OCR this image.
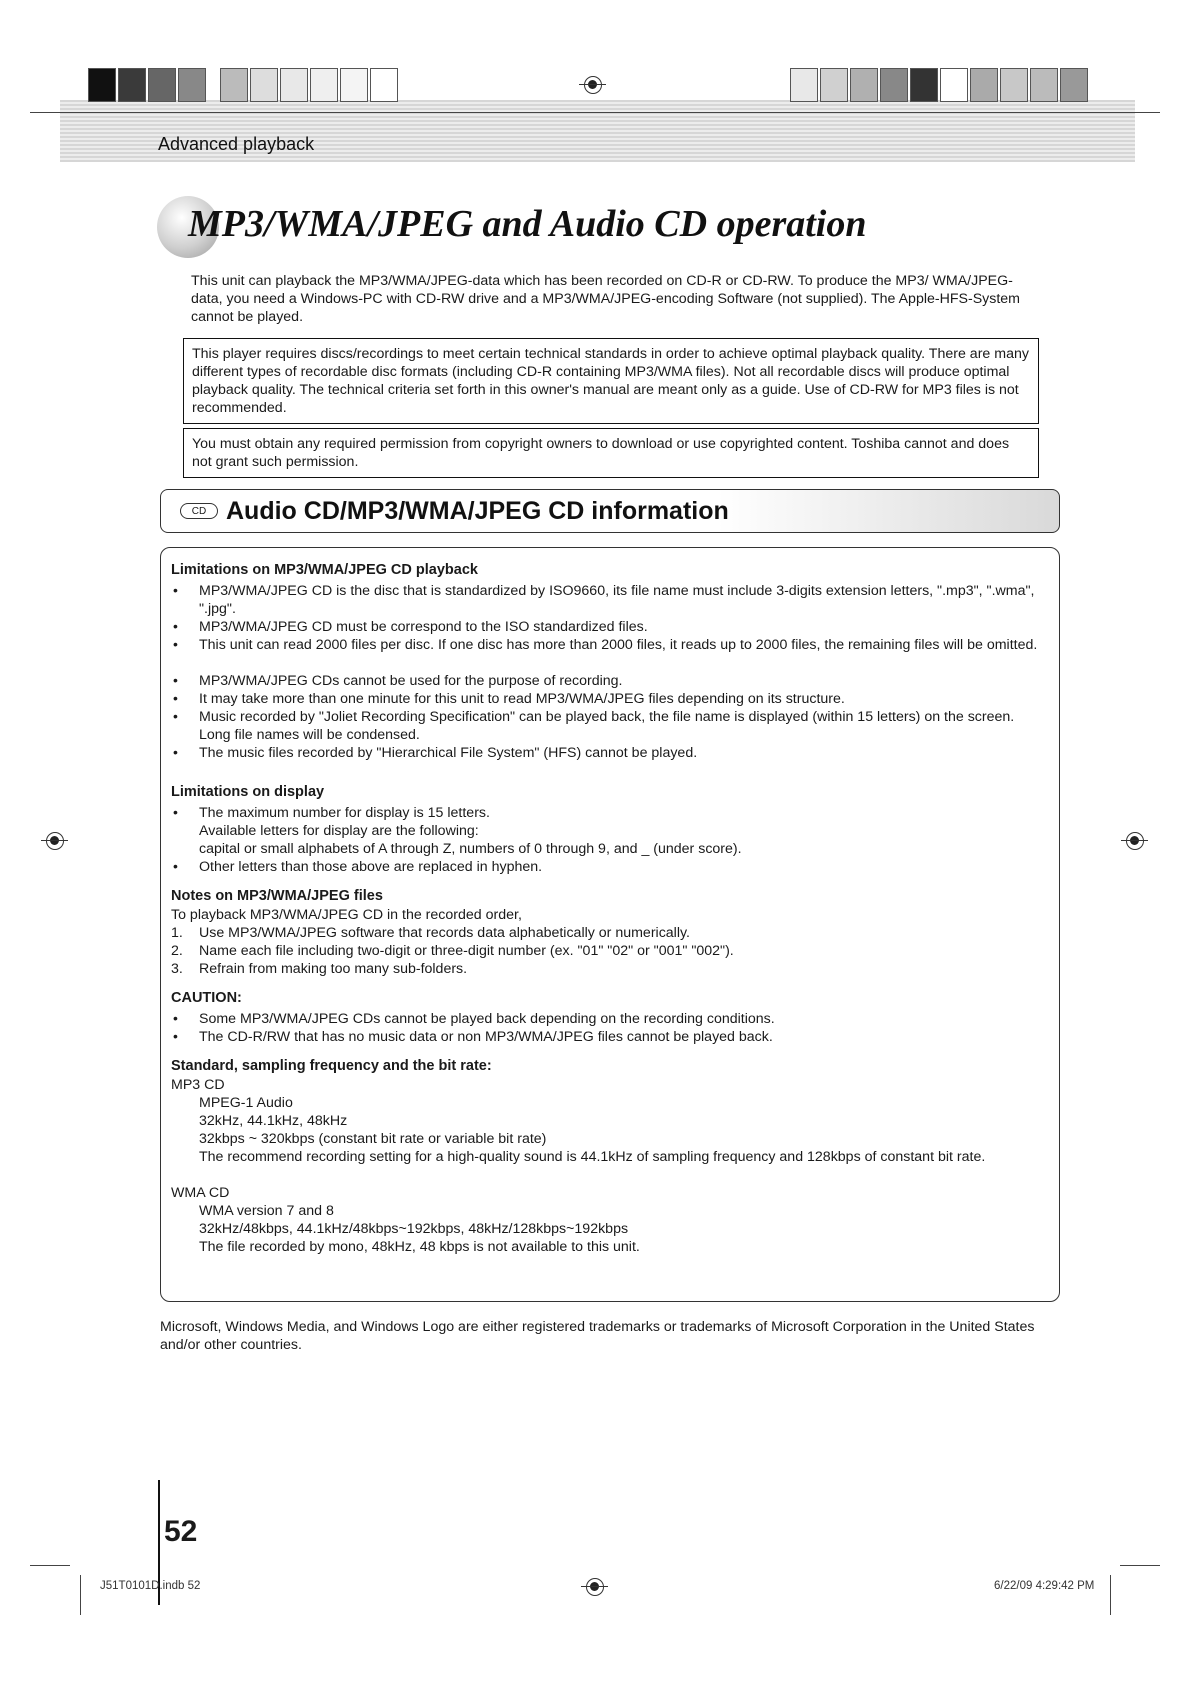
Advanced playback
MP3/WMA/JPEG and Audio CD operation
This unit can playback the MP3/WMA/JPEG-data which has been recorded on CD-R or CD-RW. To produce the MP3/ WMA/JPEG-data, you need a Windows-PC with CD-RW drive and a MP3/WMA/JPEG-encoding Software (not supplied). The Apple-HFS-System cannot be played.
This player requires discs/recordings to meet certain technical standards in order to achieve optimal playback quality. There are many different types of recordable disc formats (including CD-R containing MP3/WMA files). Not all recordable discs will produce optimal playback quality. The technical criteria set forth in this owner's manual are meant only as a guide. Use of CD-RW for MP3 files is not recommended.
You must obtain any required permission from copyright owners to download or use copyrighted content. Toshiba cannot and does not grant such permission.
CD Audio CD/MP3/WMA/JPEG CD information
Limitations on MP3/WMA/JPEG CD playback
• MP3/WMA/JPEG CD is the disc that is standardized by ISO9660, its file name must include 3-digits extension letters, ".mp3", ".wma", ".jpg".
• MP3/WMA/JPEG CD must be correspond to the ISO standardized files.
• This unit can read 2000 files per disc. If one disc has more than 2000 files, it reads up to 2000 files, the remaining files will be omitted.
• MP3/WMA/JPEG CDs cannot be used for the purpose of recording.
• It may take more than one minute for this unit to read MP3/WMA/JPEG files depending on its structure.
• Music recorded by "Joliet Recording Specification" can be played back, the file name is displayed (within 15 letters) on the screen. Long file names will be condensed.
• The music files recorded by "Hierarchical File System" (HFS) cannot be played.
Limitations on display
• The maximum number for display is 15 letters.
Available letters for display are the following:
capital or small alphabets of A through Z, numbers of 0 through 9, and _ (under score).
• Other letters than those above are replaced in hyphen.
Notes on MP3/WMA/JPEG files
To playback MP3/WMA/JPEG CD in the recorded order,
1. Use MP3/WMA/JPEG software that records data alphabetically or numerically.
2. Name each file including two-digit or three-digit number (ex. "01" "02" or "001" "002").
3. Refrain from making too many sub-folders.
CAUTION:
• Some MP3/WMA/JPEG CDs cannot be played back depending on the recording conditions.
• The CD-R/RW that has no music data or non MP3/WMA/JPEG files cannot be played back.
Standard, sampling frequency and the bit rate:
MP3 CD
MPEG-1 Audio
32kHz, 44.1kHz, 48kHz
32kbps ~ 320kbps (constant bit rate or variable bit rate)
The recommend recording setting for a high-quality sound is 44.1kHz of sampling frequency and 128kbps of constant bit rate.
WMA CD
WMA version 7 and 8
32kHz/48kbps, 44.1kHz/48kbps~192kbps, 48kHz/128kbps~192kbps
The file recorded by mono, 48kHz, 48 kbps is not available to this unit.
Microsoft, Windows Media, and Windows Logo are either registered trademarks or trademarks of Microsoft Corporation in the United States and/or other countries.
52
J51T0101D.indb 52	6/22/09 4:29:42 PM
